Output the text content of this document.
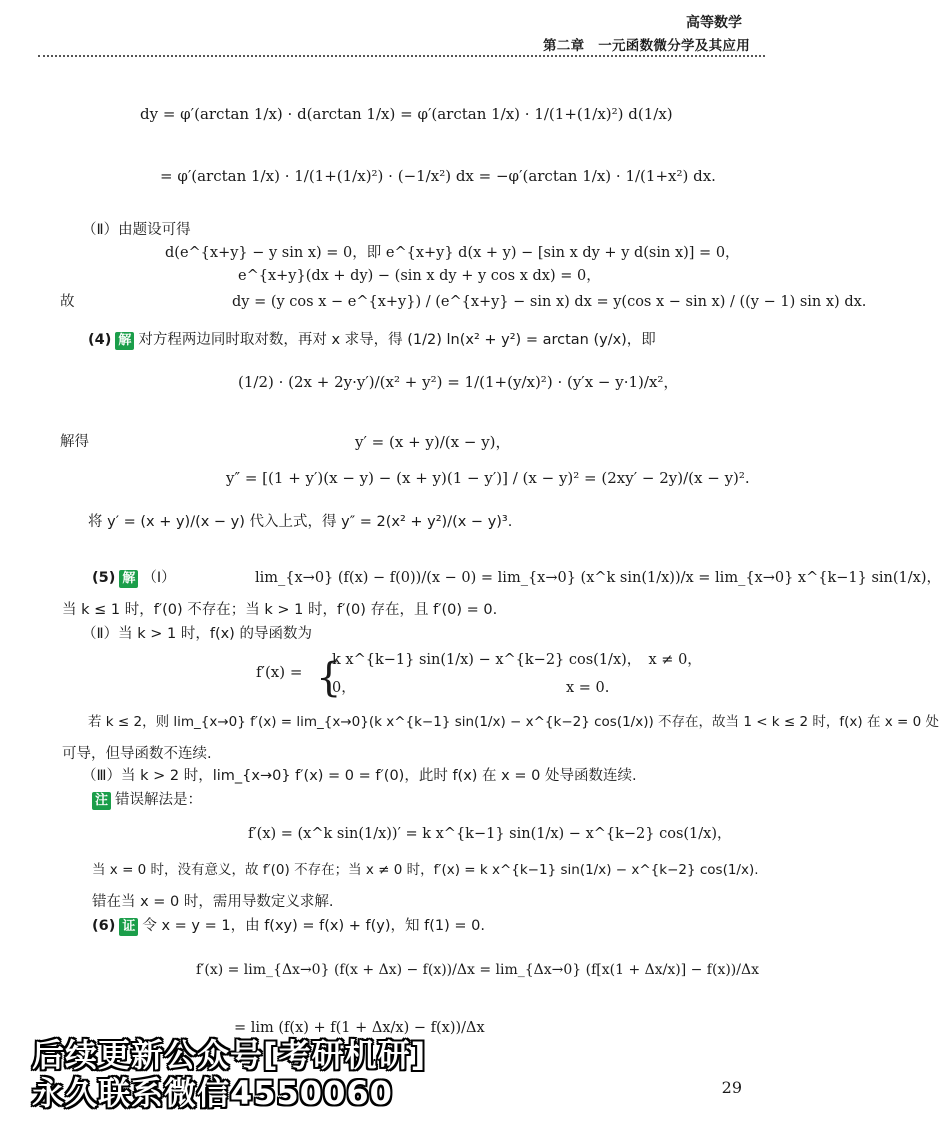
高等数学
第二章　一元函数微分学及其应用
dy = φ′(arctan 1/x) · d(arctan 1/x) = φ′(arctan 1/x) · 1/(1+(1/x)²) d(1/x)
= φ′(arctan 1/x) · 1/(1+(1/x)²) · (−1/x²) dx = −φ′(arctan 1/x) · 1/(1+x²) dx.
（Ⅱ）由题设可得
d(e^{x+y} − y sin x) = 0，即 e^{x+y} d(x + y) − [sin x dy + y d(sin x)] = 0，
e^{x+y}(dx + dy) − (sin x dy + y cos x dx) = 0，
故	dy = (y cos x − e^{x+y}) / (e^{x+y} − sin x) dx = y(cos x − sin x) / ((y − 1) sin x) dx.
(4) 解 对方程两边同时取对数，再对 x 求导，得 (1/2) ln(x² + y²) = arctan (y/x)，即
(1/2) · (2x + 2y·y′)/(x² + y²) = 1/(1+(y/x)²) · (y′x − y·1)/x²，
解得	y′ = (x + y)/(x − y)，
y″ = [(1 + y′)(x − y) − (x + y)(1 − y′)] / (x − y)² = (2xy′ − 2y)/(x − y)².
将 y′ = (x + y)/(x − y) 代入上式，得 y″ = 2(x² + y²)/(x − y)³.
(5) 解 （Ⅰ）	lim_{x→0} (f(x) − f(0))/(x − 0) = lim_{x→0} (x^k sin(1/x))/x = lim_{x→0} x^{k−1} sin(1/x)，
当 k ≤ 1 时，f′(0) 不存在；当 k > 1 时，f′(0) 存在，且 f′(0) = 0.
（Ⅱ）当 k > 1 时，f(x) 的导函数为
f′(x) = {
k x^{k−1} sin(1/x) − x^{k−2} cos(1/x)，　x ≠ 0，
0，　　　　　　　　　　　　　　　x = 0.
若 k ≤ 2，则 lim_{x→0} f′(x) = lim_{x→0}(k x^{k−1} sin(1/x) − x^{k−2} cos(1/x)) 不存在，故当 1 < k ≤ 2 时，f(x) 在 x = 0 处
可导，但导函数不连续.
（Ⅲ）当 k > 2 时，lim_{x→0} f′(x) = 0 = f′(0)，此时 f(x) 在 x = 0 处导函数连续.
注 错误解法是：
f′(x) = (x^k sin(1/x))′ = k x^{k−1} sin(1/x) − x^{k−2} cos(1/x)，
当 x = 0 时，没有意义，故 f′(0) 不存在；当 x ≠ 0 时，f′(x) = k x^{k−1} sin(1/x) − x^{k−2} cos(1/x).
错在当 x = 0 时，需用导数定义求解.
(6) 证 令 x = y = 1，由 f(xy) = f(x) + f(y)，知 f(1) = 0.
f′(x) = lim_{Δx→0} (f(x + Δx) − f(x))/Δx = lim_{Δx→0} (f[x(1 + Δx/x)] − f(x))/Δx
= lim (f(x) + f(1 + Δx/x) − f(x))/Δx
29
后续更新公众号[考研机研]
永久联系微信4550060
